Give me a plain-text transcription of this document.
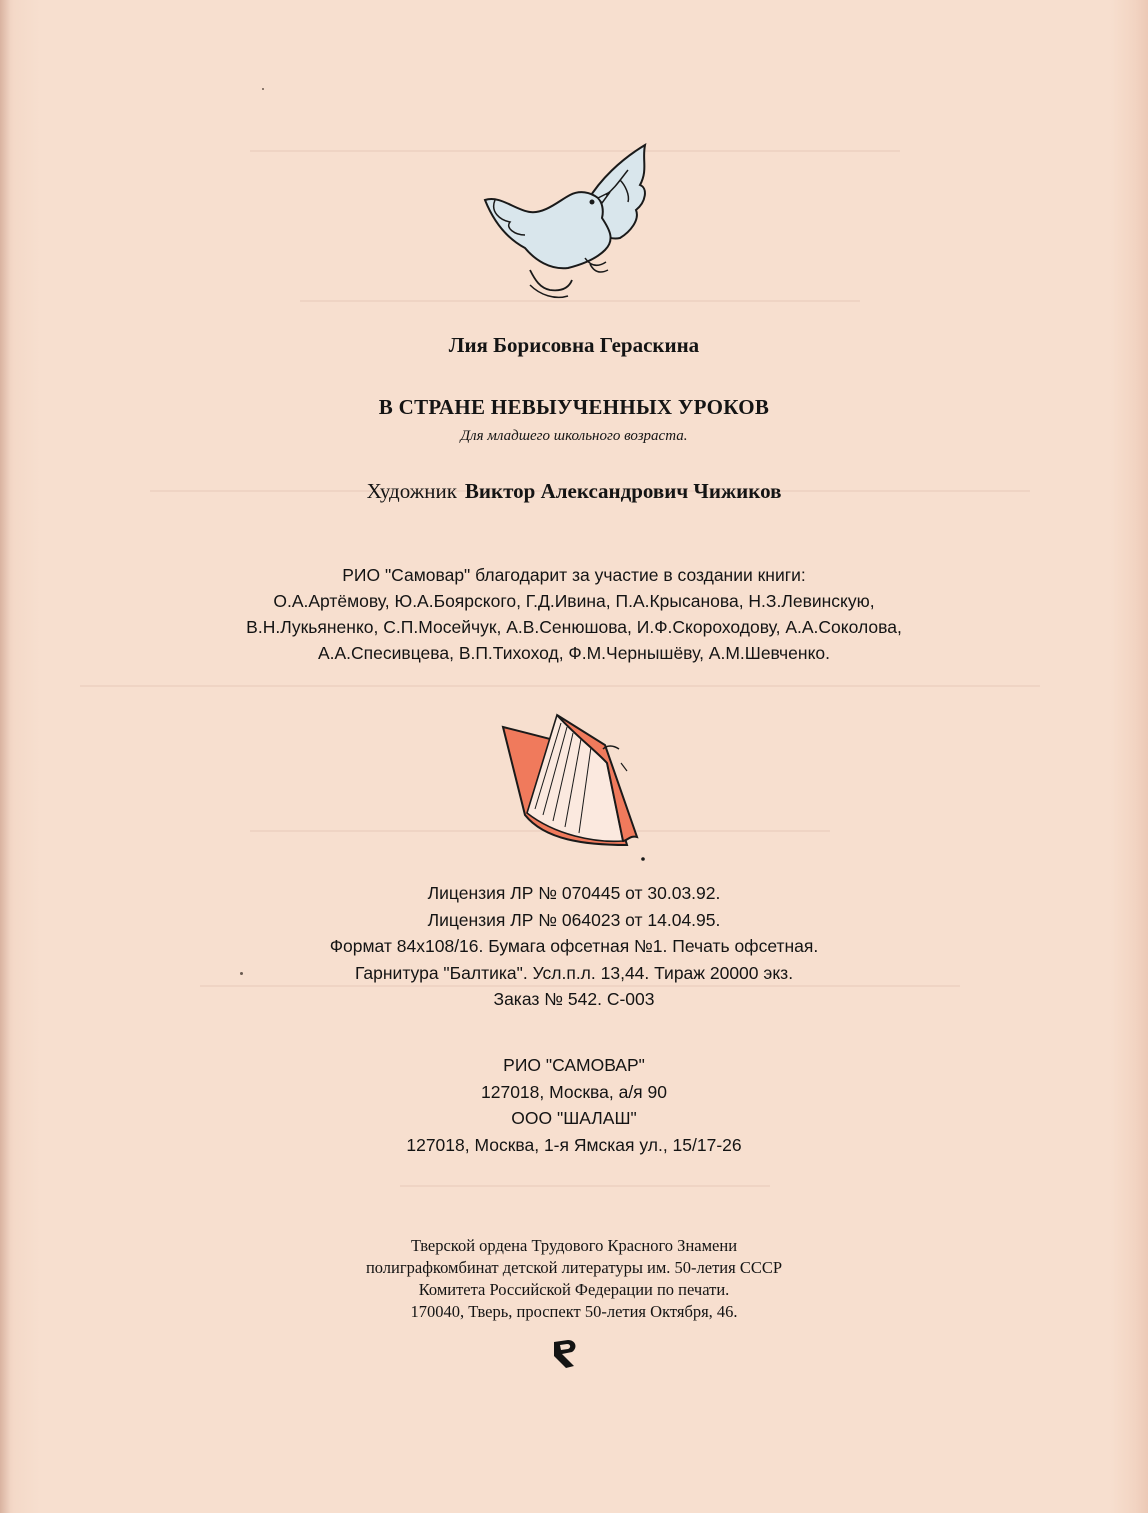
Лия Борисовна Гераскина
В СТРАНЕ НЕВЫУЧЕННЫХ УРОКОВ
Для младшего школьного возраста.
Художник Виктор Александрович Чижиков
РИО "Самовар" благодарит за участие в создании книги:
О.А.Артёмову, Ю.А.Боярского, Г.Д.Ивина, П.А.Крысанова, Н.З.Левинскую,
В.Н.Лукьяненко, С.П.Мосейчук, А.В.Сенюшова, И.Ф.Скороходову, А.А.Соколова,
А.А.Спесивцева, В.П.Тихоход, Ф.М.Чернышёву, А.М.Шевченко.
Лицензия ЛР № 070445 от 30.03.92.
Лицензия ЛР № 064023 от 14.04.95.
Формат 84x108/16. Бумага офсетная №1. Печать офсетная.
Гарнитура "Балтика". Усл.п.л. 13,44. Тираж 20000 экз.
Заказ № 542. С-003
РИО "САМОВАР"
127018, Москва, а/я 90
ООО "ШАЛАШ"
127018, Москва, 1-я Ямская ул., 15/17-26
Тверской ордена Трудового Красного Знамени
полиграфкомбинат детской литературы им. 50-летия СССР
Комитета Российской Федерации по печати.
170040, Тверь, проспект 50-летия Октября, 46.
